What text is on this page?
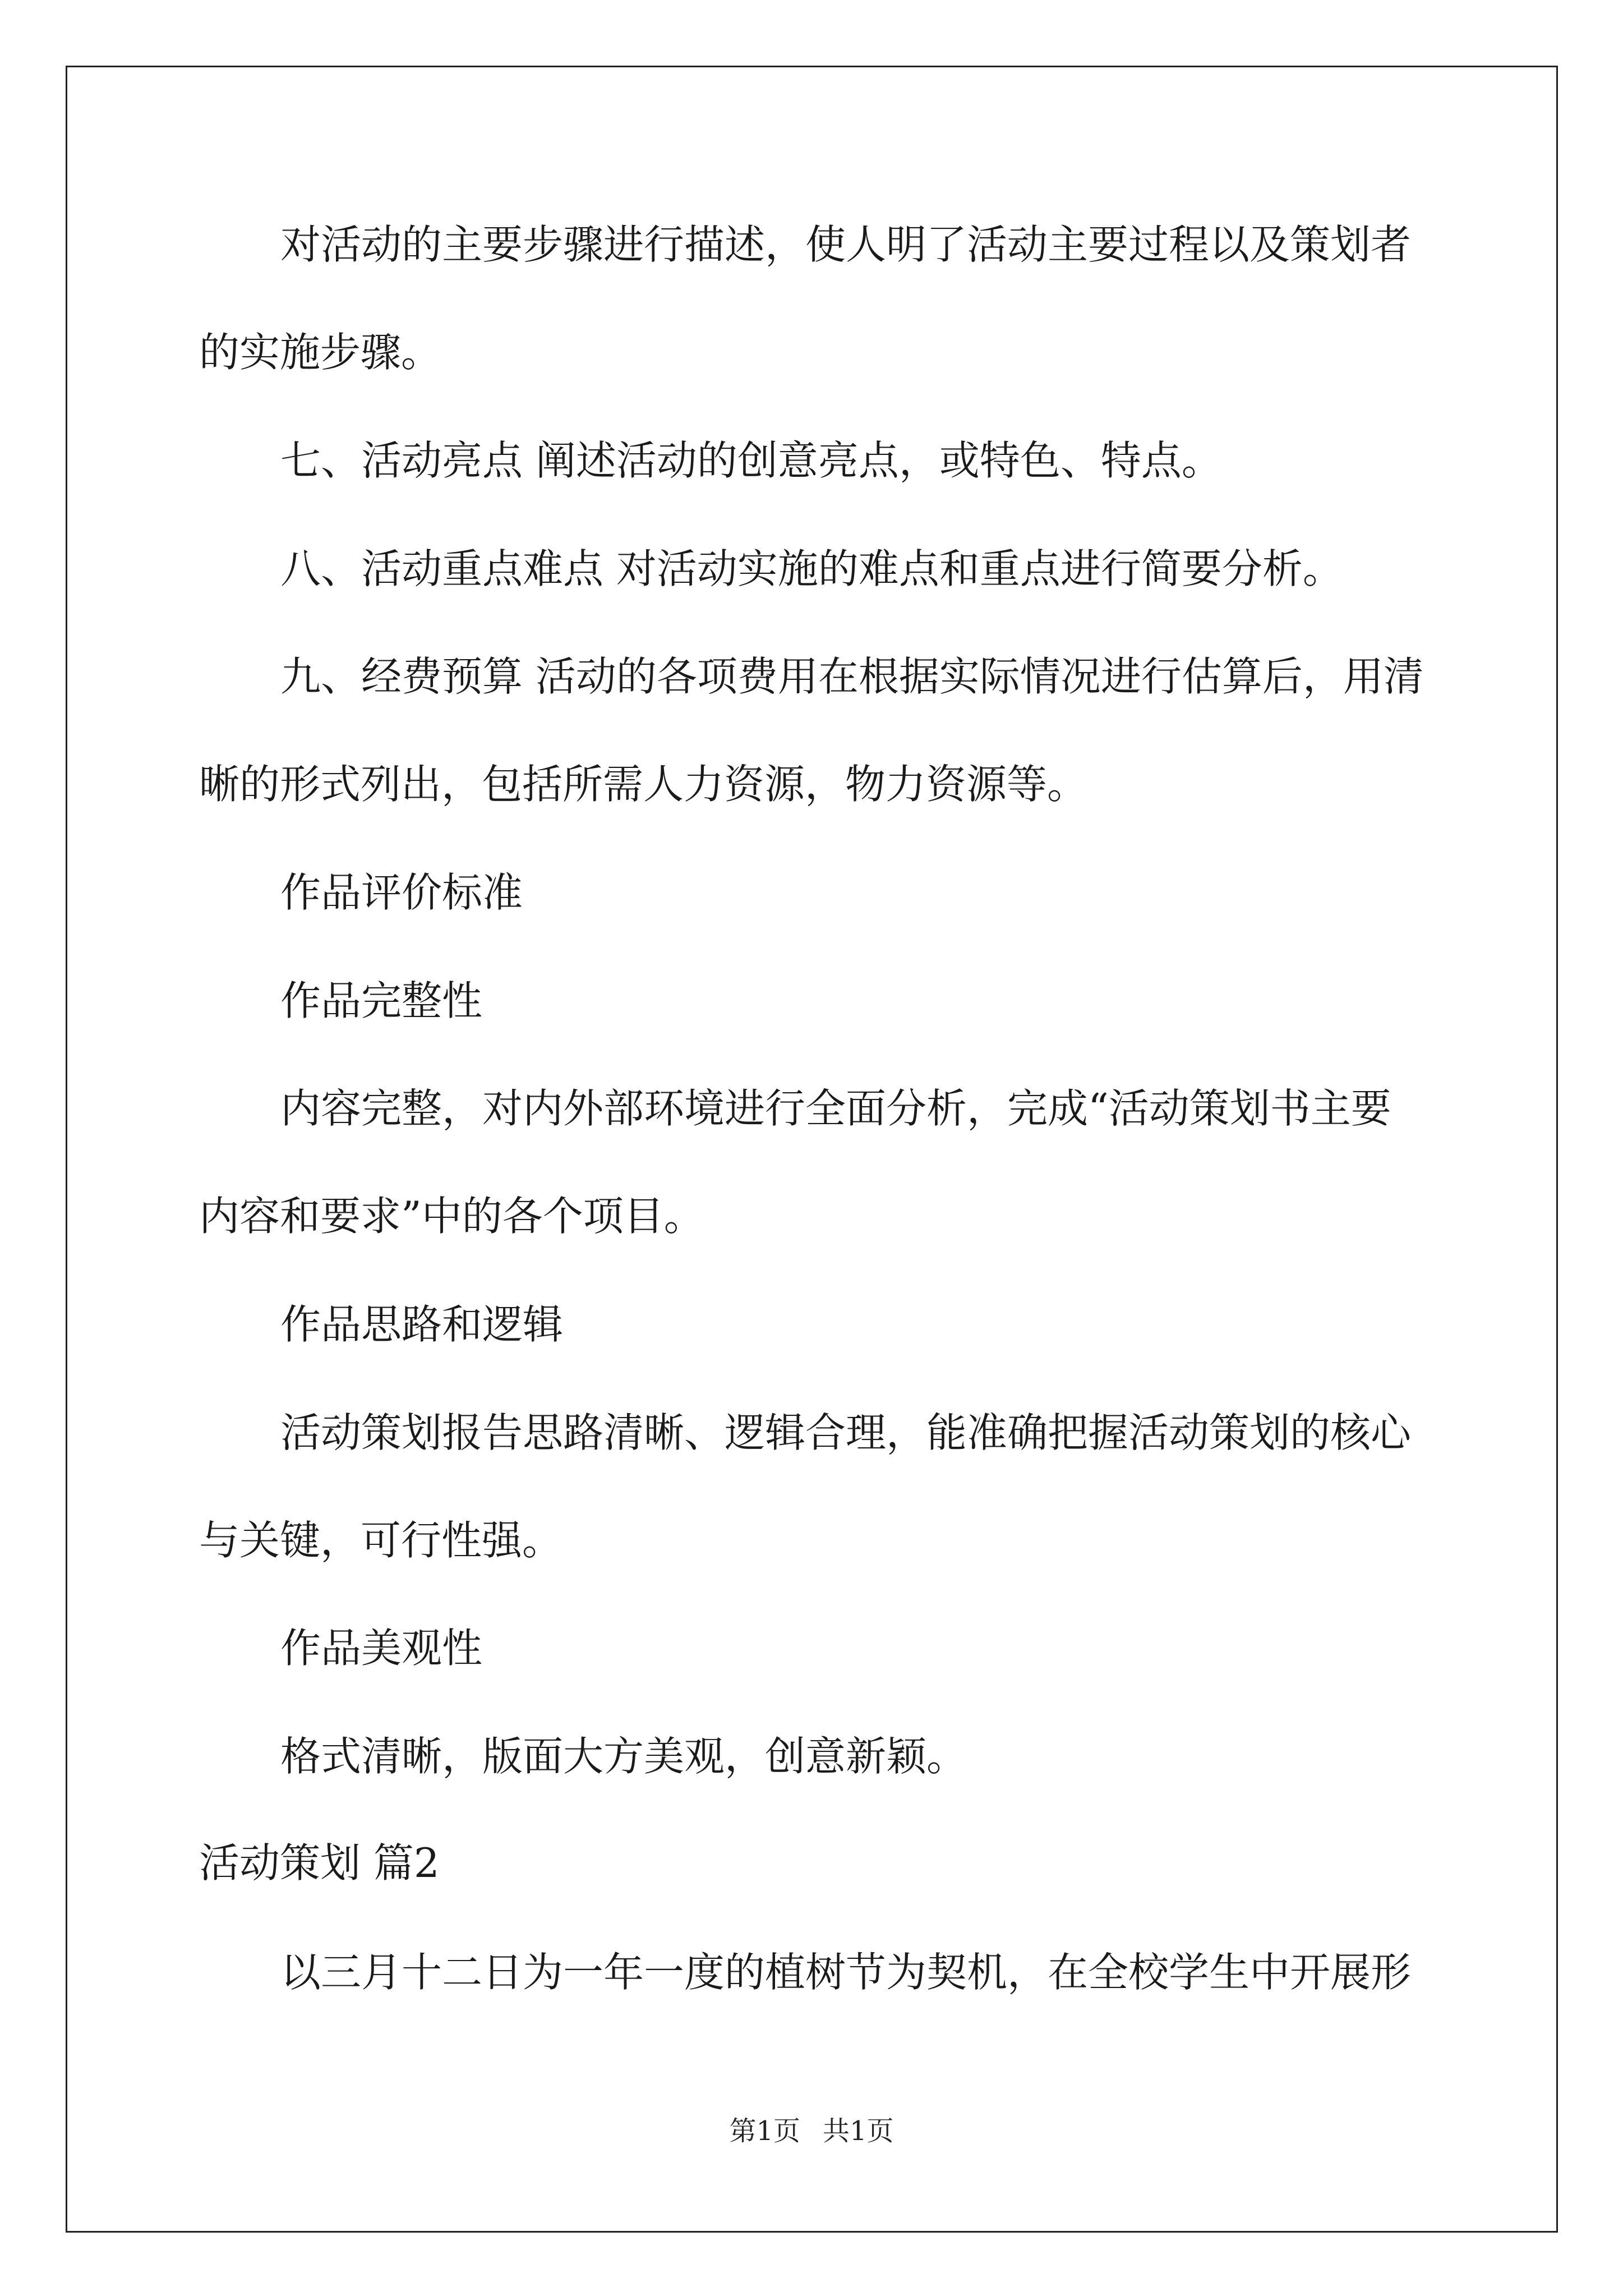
对活动的主要步骤进行描述，使人明了活动主要过程以及策划者
的实施步骤。
七、活动亮点 阐述活动的创意亮点，或特色、特点。
八、活动重点难点 对活动实施的难点和重点进行简要分析。
九、经费预算 活动的各项费用在根据实际情况进行估算后，用清
晰的形式列出，包括所需人力资源，物力资源等。
作品评价标准
作品完整性
内容完整，对内外部环境进行全面分析，完成“活动策划书主要
内容和要求”中的各个项目。
作品思路和逻辑
活动策划报告思路清晰、逻辑合理，能准确把握活动策划的核心
与关键，可行性强。
作品美观性
格式清晰，版面大方美观，创意新颖。
活动策划 篇2
以三月十二日为一年一度的植树节为契机，在全校学生中开展形
第1页 共1页
